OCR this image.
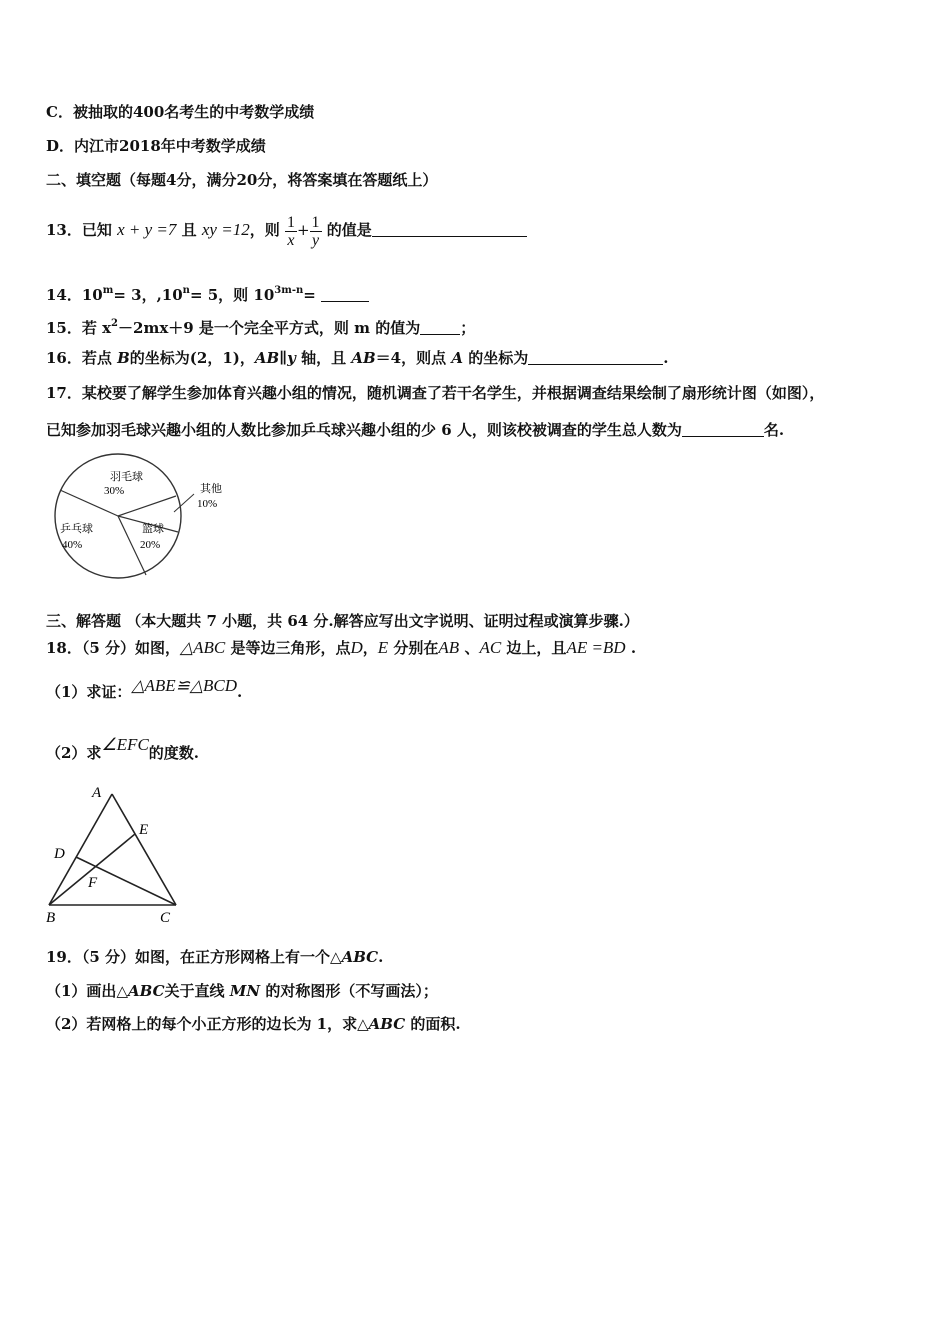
C．被抽取的400名考生的中考数学成绩
D．内江市2018年中考数学成绩
二、填空题（每题4分，满分20分，将答案填在答题纸上）
13．已知 x + y =7 且 xy =12，则 $\frac{1}{x} + \frac{1}{y}$ 的值是
14．$10^m= 3$，$,10^n= 5$，则 $10^{3m-n}=$
15．若 $x^2-2mx+9$ 是一个完全平方式，则 m 的值为	；
16．若点 B的坐标为(2，1)，AB∥y 轴，且 AB＝4，则点 A 的坐标为	.
17．某校要了解学生参加体育兴趣小组的情况，随机调查了若干名学生，并根据调查结果绘制了扇形统计图（如图），
已知参加羽毛球兴趣小组的人数比参加乒乓球兴趣小组的少 6 人，则该校被调查的学生总人数为	名.
羽毛球
30%	其他
10%
乒乓球
40%
篮球
20%
三、解答题 （本大题共 7 小题，共 64 分.解答应写出文字说明、证明过程或演算步骤.）
18．（5 分）如图，△ABC 是等边三角形，点D，E 分别在AB 、AC 边上，且AE =BD .
（1）求证：△ABE≌△BCD.
（2）求∠EFC的度数.
A
E
D
F
B	C
19．（5 分）如图，在正方形网格上有一个△ABC.
（1）画出△ABC关于直线 MN 的对称图形（不写画法）；
（2）若网格上的每个小正方形的边长为 1，求△ABC 的面积.
